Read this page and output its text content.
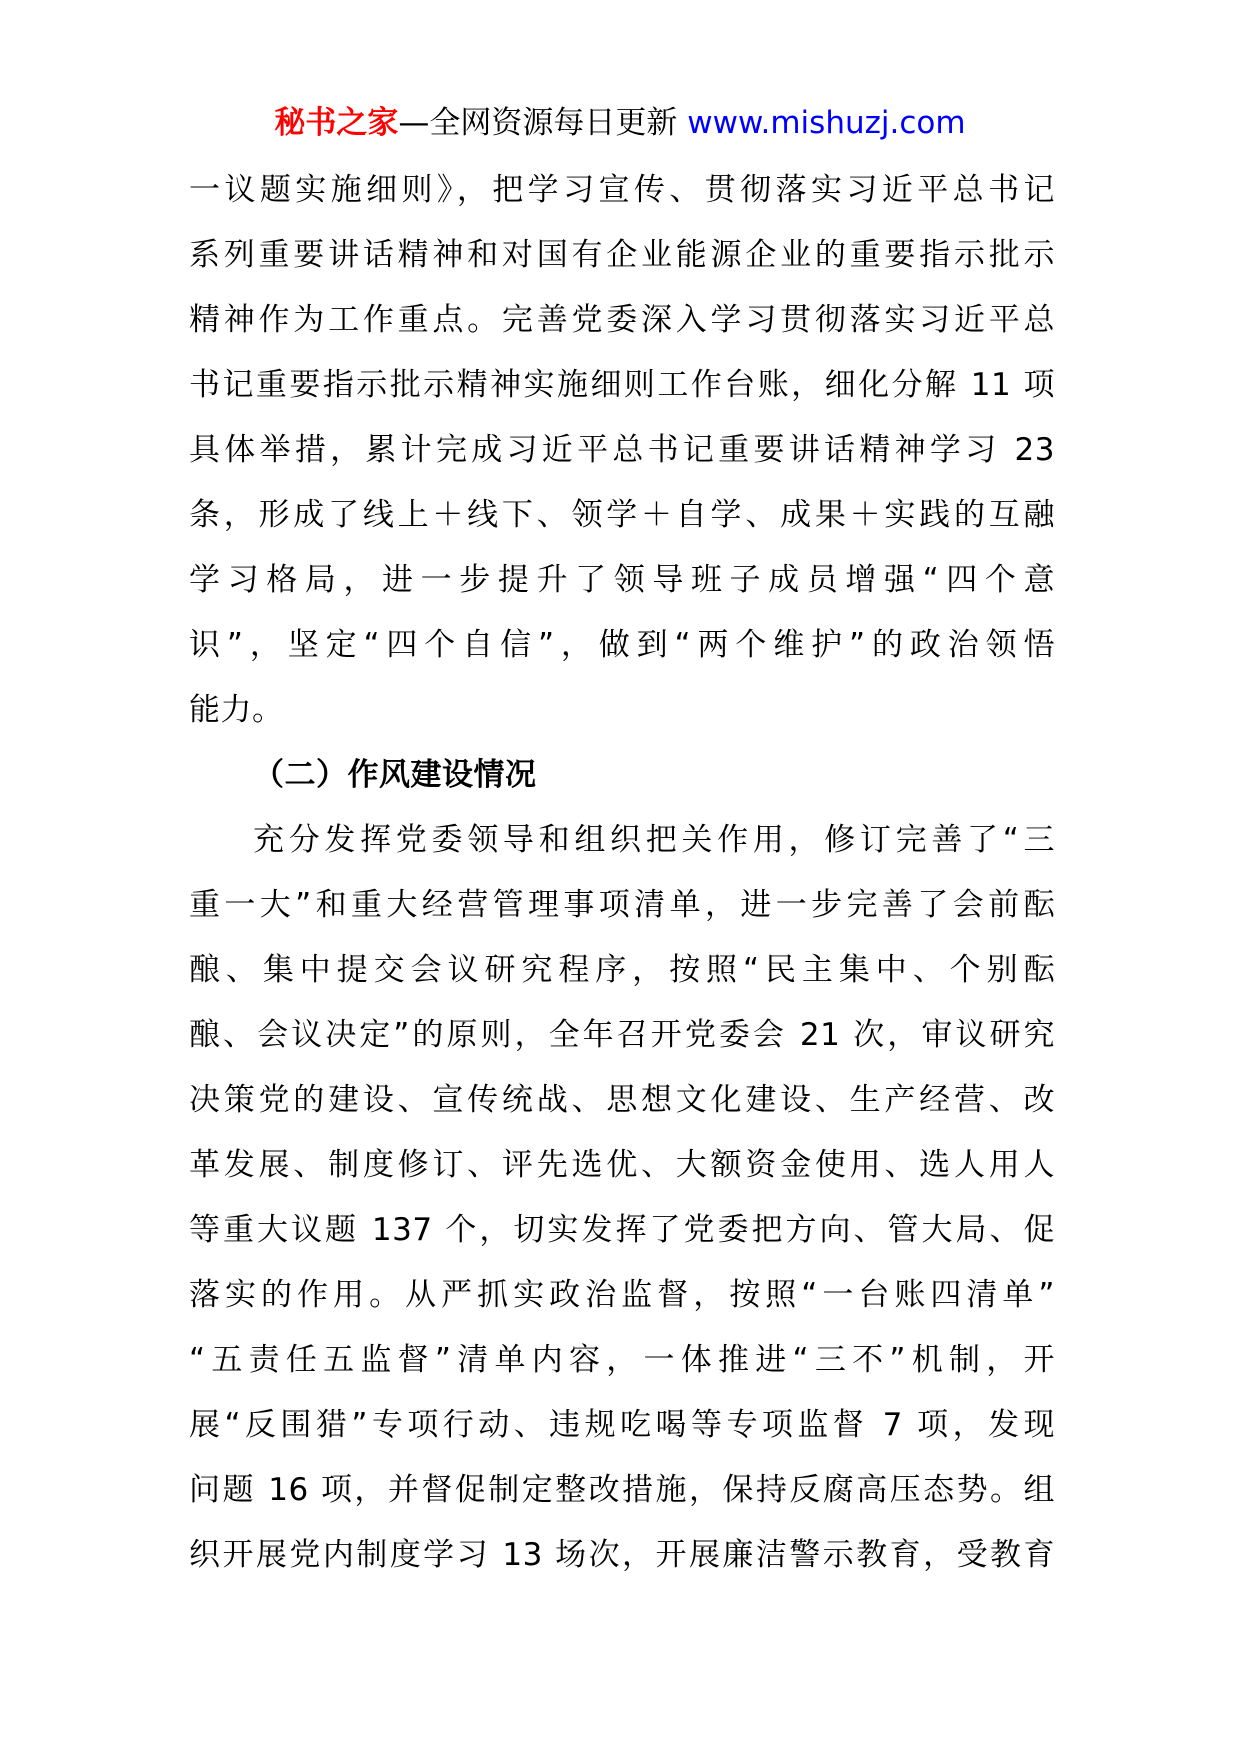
秘书之家—全网资源每日更新 www.mishuzj.com
一议题实施细则》，把学习宣传、贯彻落实习近平总书记
系列重要讲话精神和对国有企业能源企业的重要指示批示
精神作为工作重点。完善党委深入学习贯彻落实习近平总
书记重要指示批示精神实施细则工作台账，细化分解 11 项
具体举措，累计完成习近平总书记重要讲话精神学习 23
条，形成了线上＋线下、领学＋自学、成果＋实践的互融
学习格局，进一步提升了领导班子成员增强“四个意
识”，坚定“四个自信”，做到“两个维护”的政治领悟
能力。
（二）作风建设情况
充分发挥党委领导和组织把关作用，修订完善了“三
重一大”和重大经营管理事项清单，进一步完善了会前酝
酿、集中提交会议研究程序，按照“民主集中、个别酝
酿、会议决定”的原则，全年召开党委会 21 次，审议研究
决策党的建设、宣传统战、思想文化建设、生产经营、改
革发展、制度修订、评先选优、大额资金使用、选人用人
等重大议题 137 个，切实发挥了党委把方向、管大局、促
落实的作用。从严抓实政治监督，按照“一台账四清单”
“五责任五监督”清单内容，一体推进“三不”机制，开
展“反围猎”专项行动、违规吃喝等专项监督 7 项，发现
问题 16 项，并督促制定整改措施，保持反腐高压态势。组
织开展党内制度学习 13 场次，开展廉洁警示教育，受教育
